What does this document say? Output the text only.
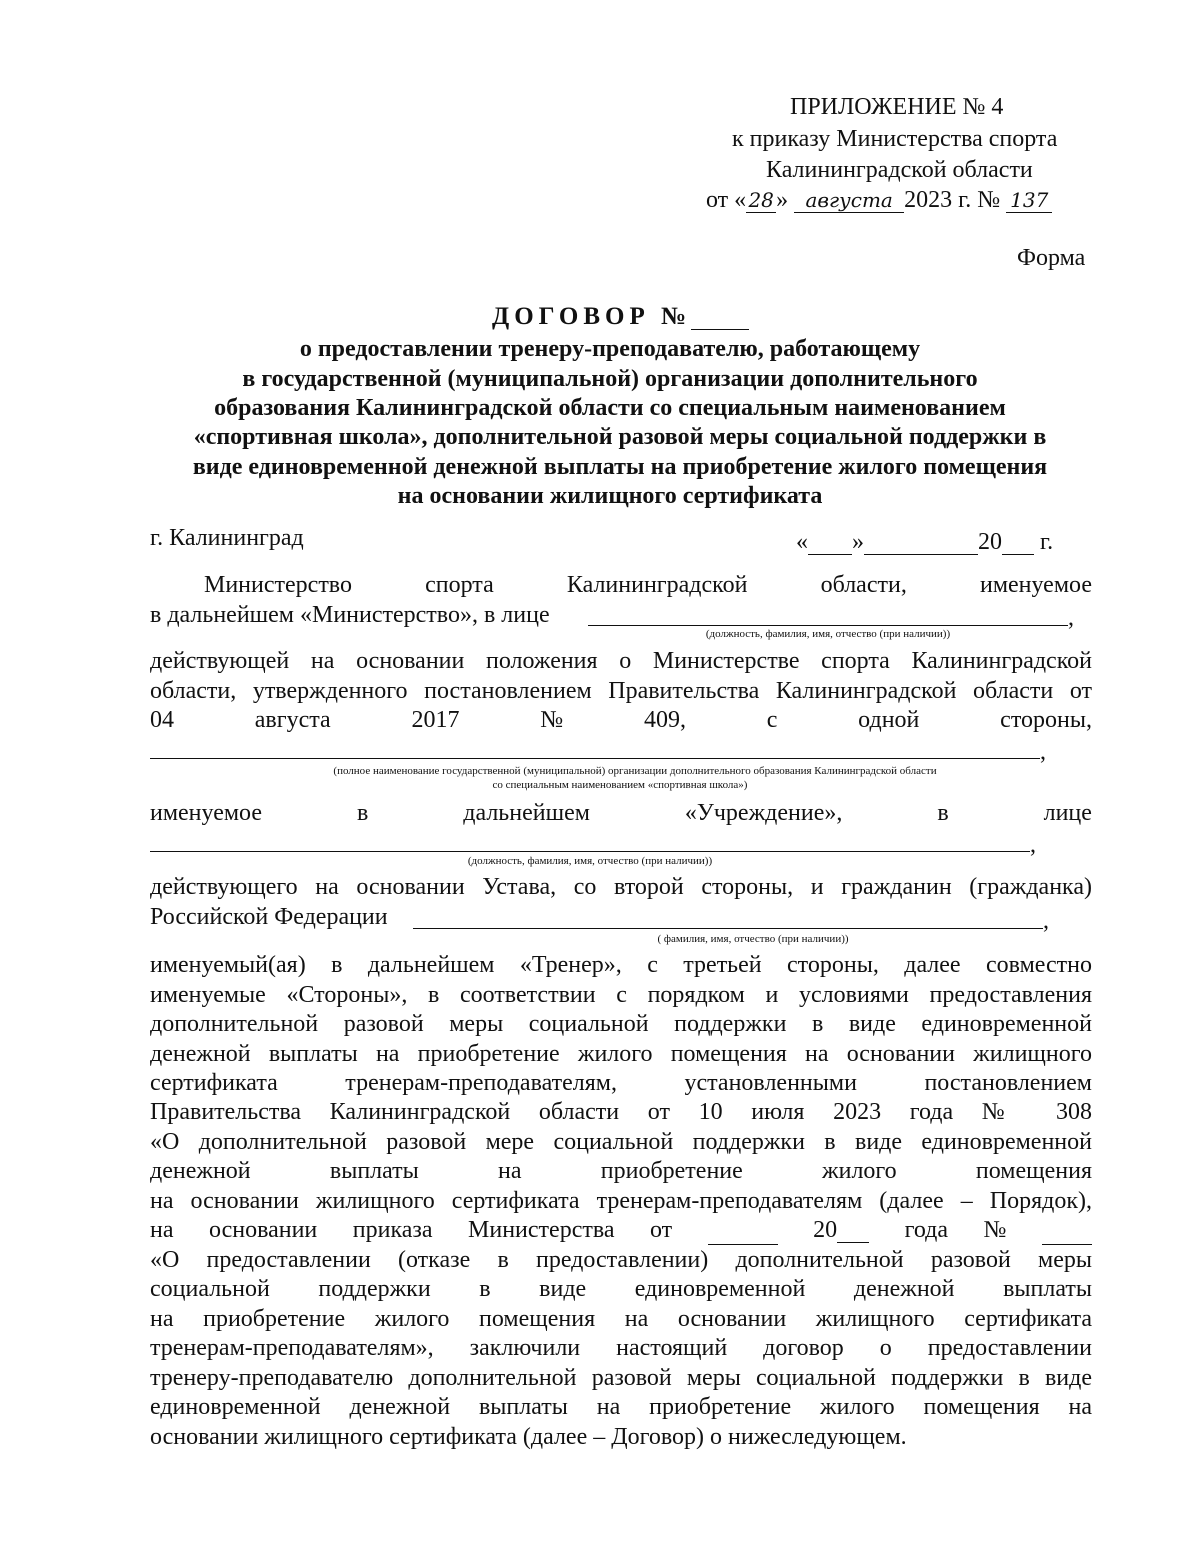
ПРИЛОЖЕНИЕ № 4
к приказу Министерства спорта
Калининградской области
от « 28» августа 2023 г. № 137
Форма
ДОГОВОР №
о предоставлении тренеру-преподавателю, работающему
в государственной (муниципальной) организации дополнительного
образования Калининградской области со специальным наименованием
«спортивная школа», дополнительной разовой меры социальной поддержки в
виде единовременной денежной выплаты на приобретение жилого помещения
на основании жилищного сертификата
г. Калининград	« »	20 г.
Министерство	спорта	Калининградской	области,	именуемое
в дальнейшем «Министерство», в лице	,
(должность, фамилия, имя, отчество (при наличии))
действующей на основании положения о Министерстве спорта Калининградской
области, утвержденного постановлением Правительства Калининградской области от
04	августа	2017	№	409,	с	одной	стороны,
,
(полное наименование государственной (муниципальной) организации дополнительного образования Калининградской области
со специальным наименованием «спортивная школа»)
именуемое	в	дальнейшем	«Учреждение»,	в	лице
,
(должность, фамилия, имя, отчество (при наличии))
действующего на основании Устава, со второй стороны, и гражданин (гражданка)
Российской Федерации	,
( фамилия, имя, отчество (при наличии))
именуемый(ая) в дальнейшем «Тренер», с третьей стороны, далее совместно
именуемые «Стороны», в соответствии с порядком и условиями предоставления
дополнительной разовой меры социальной поддержки в виде единовременной
денежной выплаты на приобретение жилого помещения на основании жилищного
сертификата тренерам-преподавателям, установленными постановлением
Правительства Калининградской области от 10 июля 2023 года № 308
«О дополнительной разовой мере социальной поддержки в виде единовременной
денежной выплаты на приобретение жилого помещения
на основании жилищного сертификата тренерам-преподавателям (далее – Порядок),
на основании приказа Министерства от
	20	года №

«О предоставлении (отказе в предоставлении) дополнительной разовой меры
социальной поддержки в виде единовременной денежной выплаты
на приобретение жилого помещения на основании жилищного сертификата
тренерам-преподавателям», заключили настоящий договор о предоставлении
тренеру-преподавателю дополнительной разовой меры социальной поддержки в виде
единовременной денежной выплаты на приобретение жилого помещения на
основании жилищного сертификата (далее – Договор) о нижеследующем.
